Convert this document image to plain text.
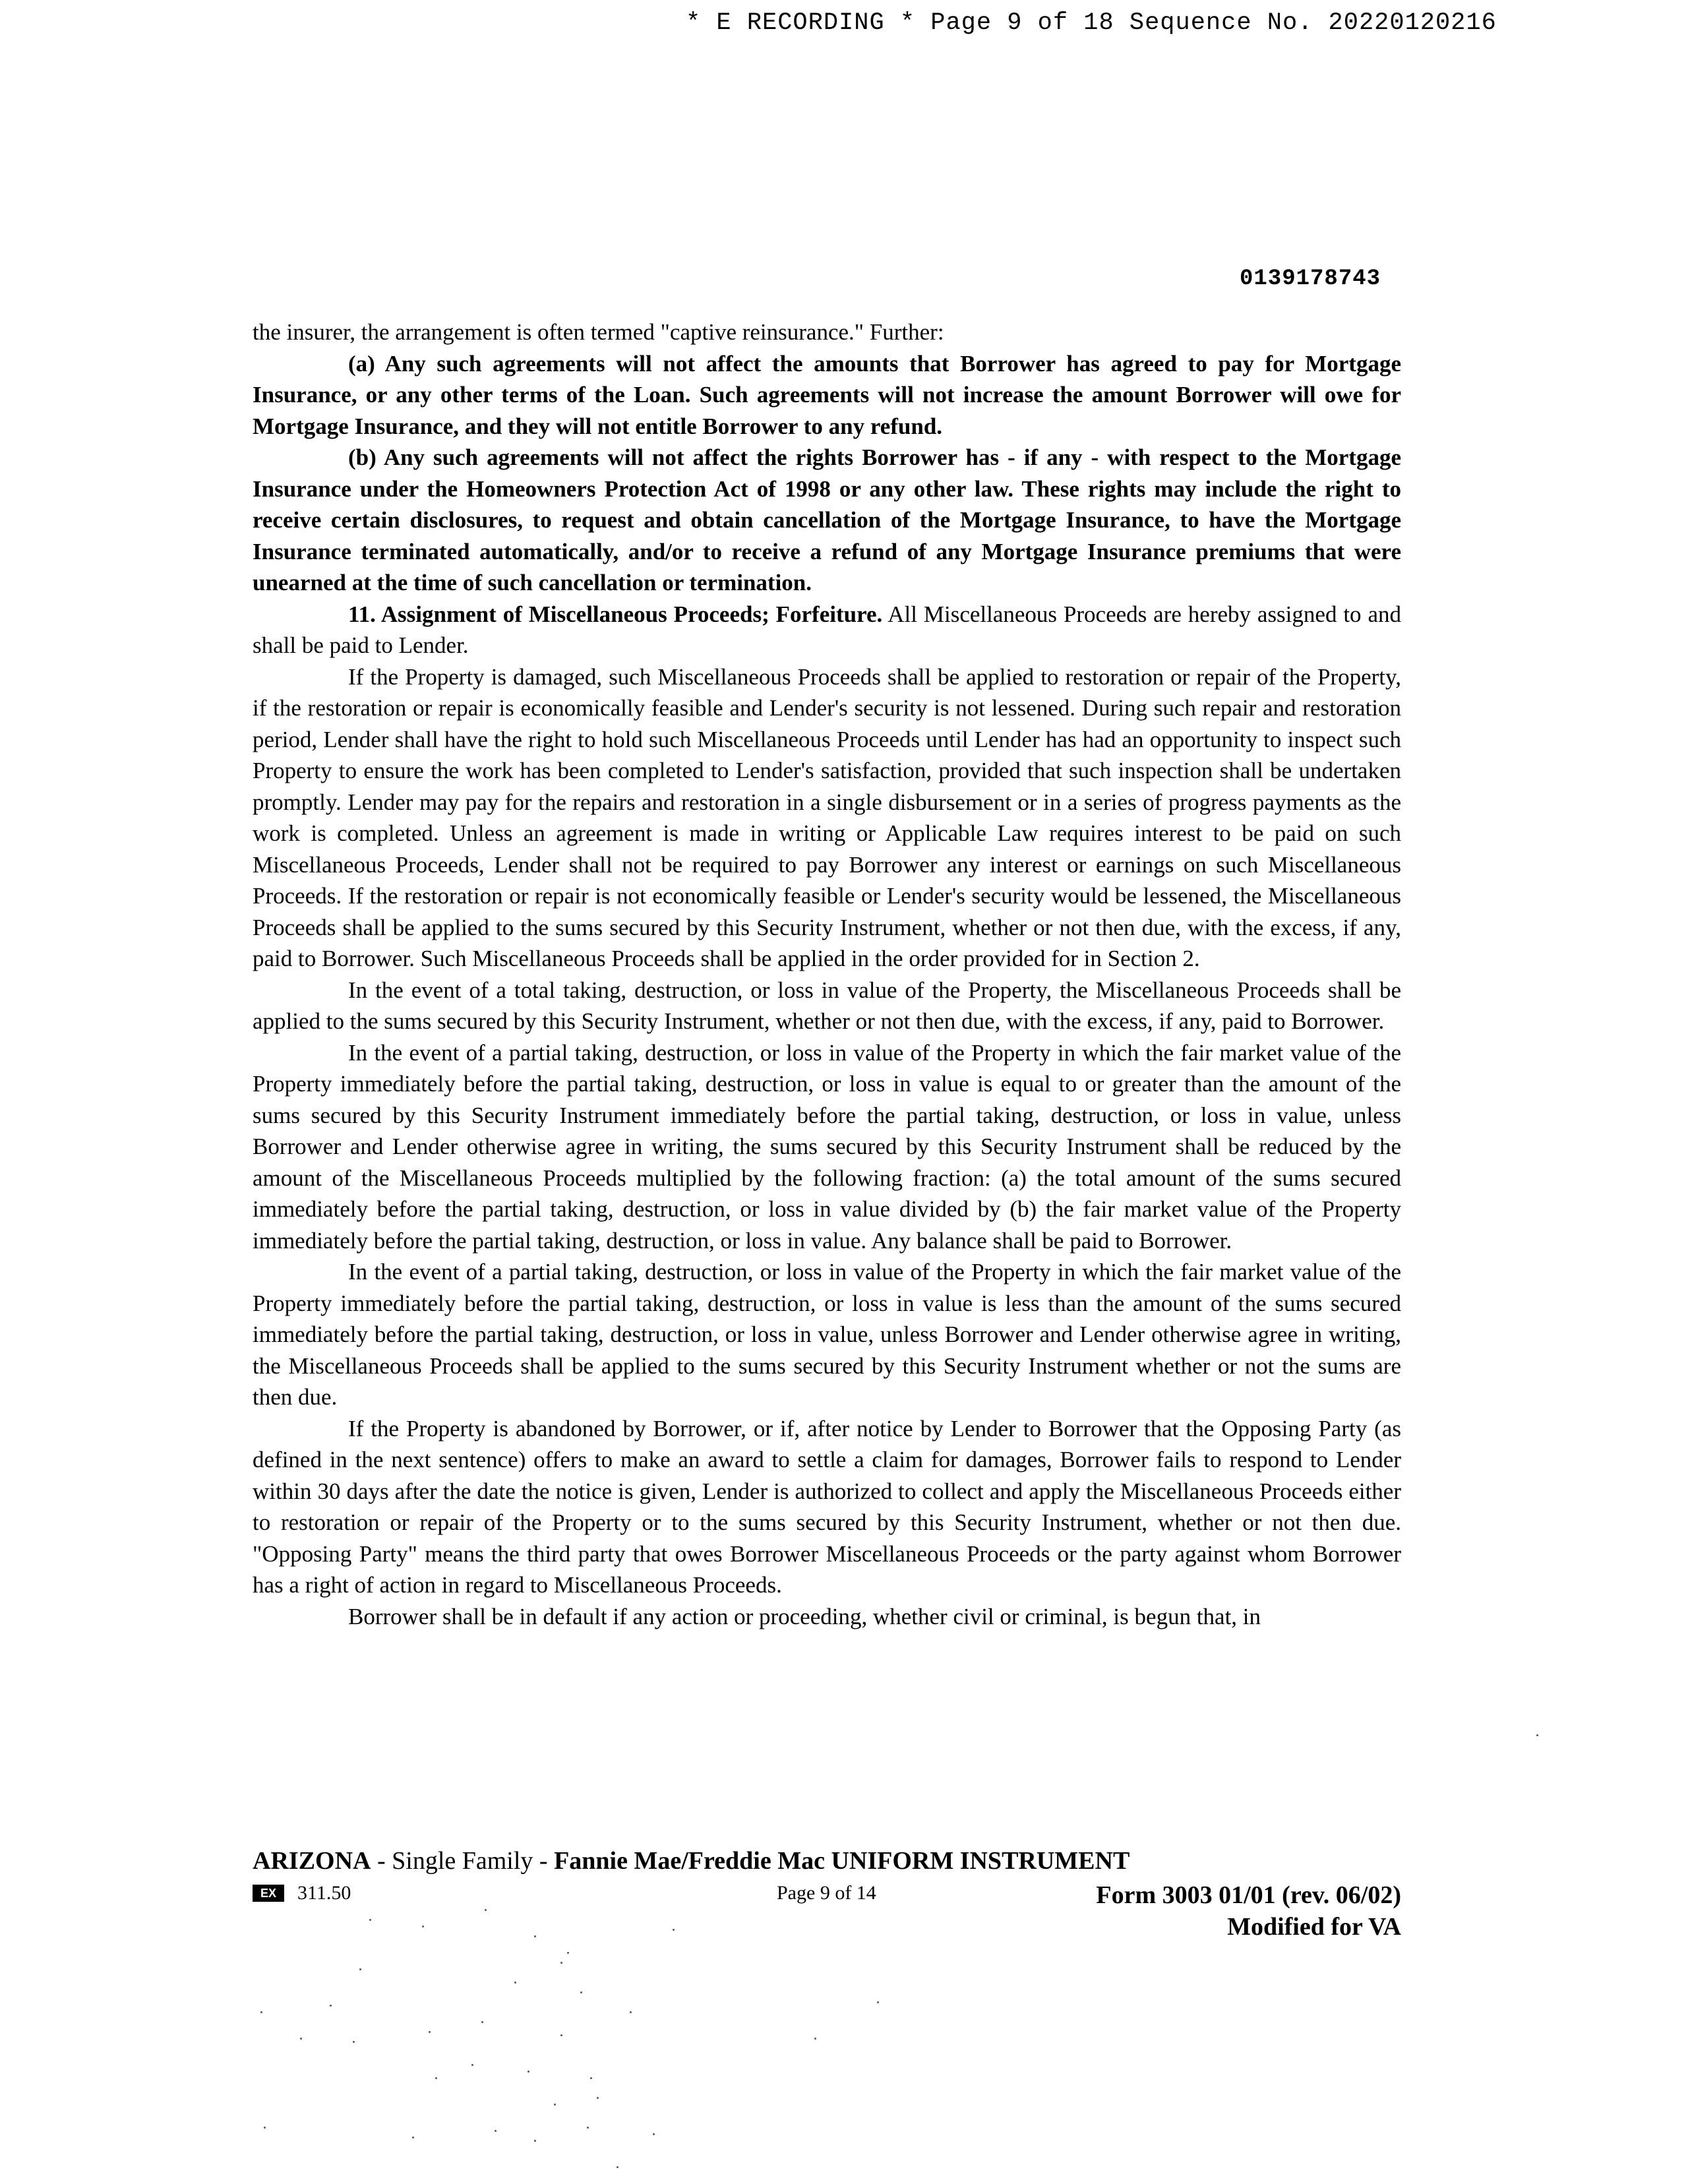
* E RECORDING * Page 9 of 18 Sequence No. 20220120216
0139178743

the insurer, the arrangement is often termed "captive reinsurance." Further:

(a) Any such agreements will not affect the amounts that Borrower has agreed to pay for Mortgage Insurance, or any other terms of the Loan. Such agreements will not increase the amount Borrower will owe for Mortgage Insurance, and they will not entitle Borrower to any refund.

(b) Any such agreements will not affect the rights Borrower has - if any - with respect to the Mortgage Insurance under the Homeowners Protection Act of 1998 or any other law. These rights may include the right to receive certain disclosures, to request and obtain cancellation of the Mortgage Insurance, to have the Mortgage Insurance terminated automatically, and/or to receive a refund of any Mortgage Insurance premiums that were unearned at the time of such cancellation or termination.

11. Assignment of Miscellaneous Proceeds; Forfeiture. All Miscellaneous Proceeds are hereby assigned to and shall be paid to Lender.

If the Property is damaged, such Miscellaneous Proceeds shall be applied to restoration or repair of the Property, if the restoration or repair is economically feasible and Lender's security is not lessened. During such repair and restoration period, Lender shall have the right to hold such Miscellaneous Proceeds until Lender has had an opportunity to inspect such Property to ensure the work has been completed to Lender's satisfaction, provided that such inspection shall be undertaken promptly. Lender may pay for the repairs and restoration in a single disbursement or in a series of progress payments as the work is completed. Unless an agreement is made in writing or Applicable Law requires interest to be paid on such Miscellaneous Proceeds, Lender shall not be required to pay Borrower any interest or earnings on such Miscellaneous Proceeds. If the restoration or repair is not economically feasible or Lender's security would be lessened, the Miscellaneous Proceeds shall be applied to the sums secured by this Security Instrument, whether or not then due, with the excess, if any, paid to Borrower. Such Miscellaneous Proceeds shall be applied in the order provided for in Section 2.

In the event of a total taking, destruction, or loss in value of the Property, the Miscellaneous Proceeds shall be applied to the sums secured by this Security Instrument, whether or not then due, with the excess, if any, paid to Borrower.

In the event of a partial taking, destruction, or loss in value of the Property in which the fair market value of the Property immediately before the partial taking, destruction, or loss in value is equal to or greater than the amount of the sums secured by this Security Instrument immediately before the partial taking, destruction, or loss in value, unless Borrower and Lender otherwise agree in writing, the sums secured by this Security Instrument shall be reduced by the amount of the Miscellaneous Proceeds multiplied by the following fraction: (a) the total amount of the sums secured immediately before the partial taking, destruction, or loss in value divided by (b) the fair market value of the Property immediately before the partial taking, destruction, or loss in value. Any balance shall be paid to Borrower.

In the event of a partial taking, destruction, or loss in value of the Property in which the fair market value of the Property immediately before the partial taking, destruction, or loss in value is less than the amount of the sums secured immediately before the partial taking, destruction, or loss in value, unless Borrower and Lender otherwise agree in writing, the Miscellaneous Proceeds shall be applied to the sums secured by this Security Instrument whether or not the sums are then due.

If the Property is abandoned by Borrower, or if, after notice by Lender to Borrower that the Opposing Party (as defined in the next sentence) offers to make an award to settle a claim for damages, Borrower fails to respond to Lender within 30 days after the date the notice is given, Lender is authorized to collect and apply the Miscellaneous Proceeds either to restoration or repair of the Property or to the sums secured by this Security Instrument, whether or not then due. "Opposing Party" means the third party that owes Borrower Miscellaneous Proceeds or the party against whom Borrower has a right of action in regard to Miscellaneous Proceeds.

Borrower shall be in default if any action or proceeding, whether civil or criminal, is begun that, in

ARIZONA - Single Family - Fannie Mae/Freddie Mac UNIFORM INSTRUMENT
EX	311.50	Page 9 of 14	Form 3003 01/01 (rev. 06/02)
Modified for VA
